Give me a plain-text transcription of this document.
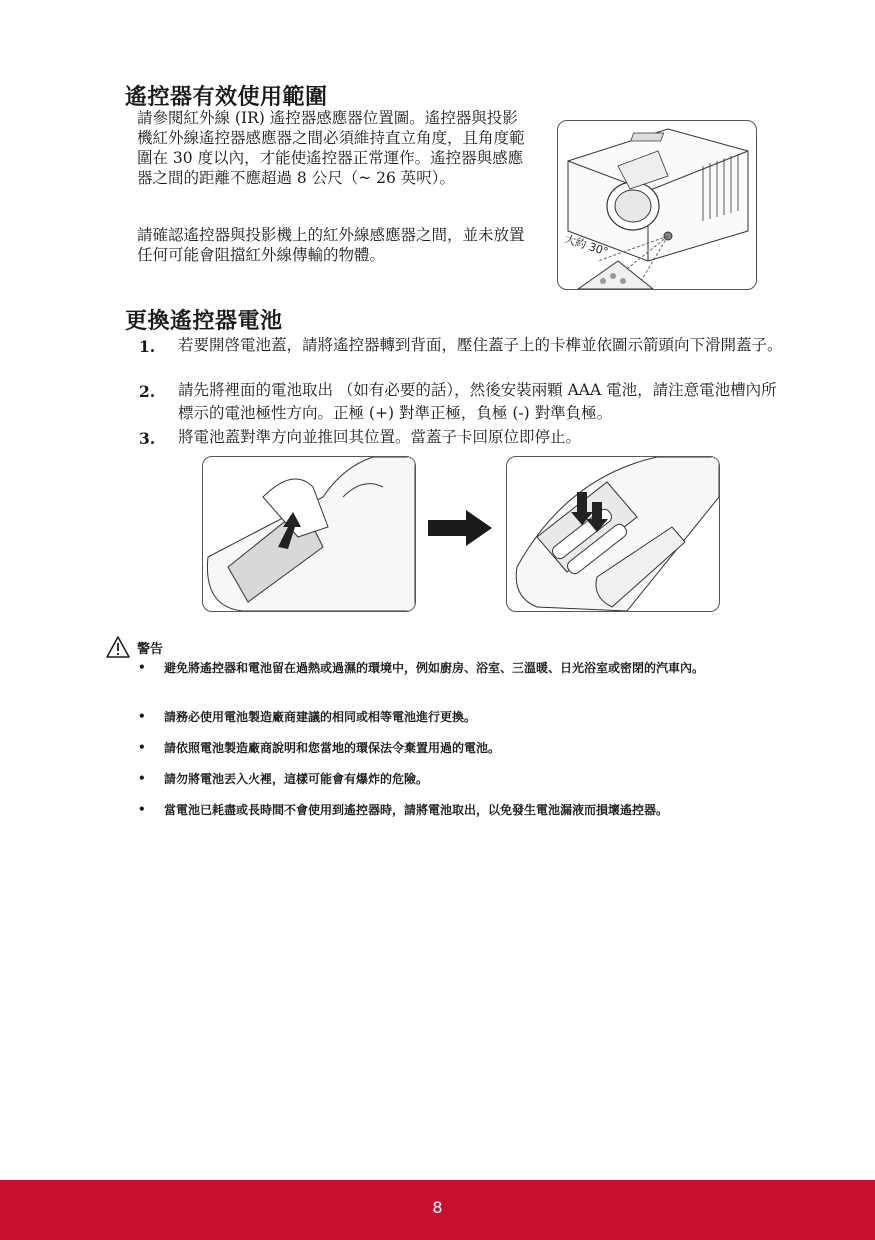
遙控器有效使用範圍
請參閱紅外線 (IR) 遙控器感應器位置圖。遙控器與投影機紅外線遙控器感應器之間必須維持直立角度，且角度範圍在 30 度以內，才能使遙控器正常運作。遙控器與感應器之間的距離不應超過 8 公尺（~ 26 英呎）。
請確認遙控器與投影機上的紅外線感應器之間，並未放置任何可能會阻擋紅外線傳輸的物體。	大約 30°
更換遙控器電池
1. 若要開啓電池蓋，請將遙控器轉到背面，壓住蓋子上的卡榫並依圖示箭頭向下滑開蓋子。
2. 請先將裡面的電池取出 （如有必要的話），然後安裝兩顆 AAA 電池，請注意電池槽內所標示的電池極性方向。正極 (+) 對準正極，負極 (-) 對準負極。
3. 將電池蓋對準方向並推回其位置。當蓋子卡回原位即停止。
警告
• 避免將遙控器和電池留在過熱或過濕的環境中，例如廚房、浴室、三溫暖、日光浴室或密閉的汽車內。
• 請務必使用電池製造廠商建議的相同或相等電池進行更換。
• 請依照電池製造廠商說明和您當地的環保法令棄置用過的電池。
• 請勿將電池丟入火裡，這樣可能會有爆炸的危險。
• 當電池已耗盡或長時間不會使用到遙控器時，請將電池取出，以免發生電池漏液而損壞遙控器。
8
